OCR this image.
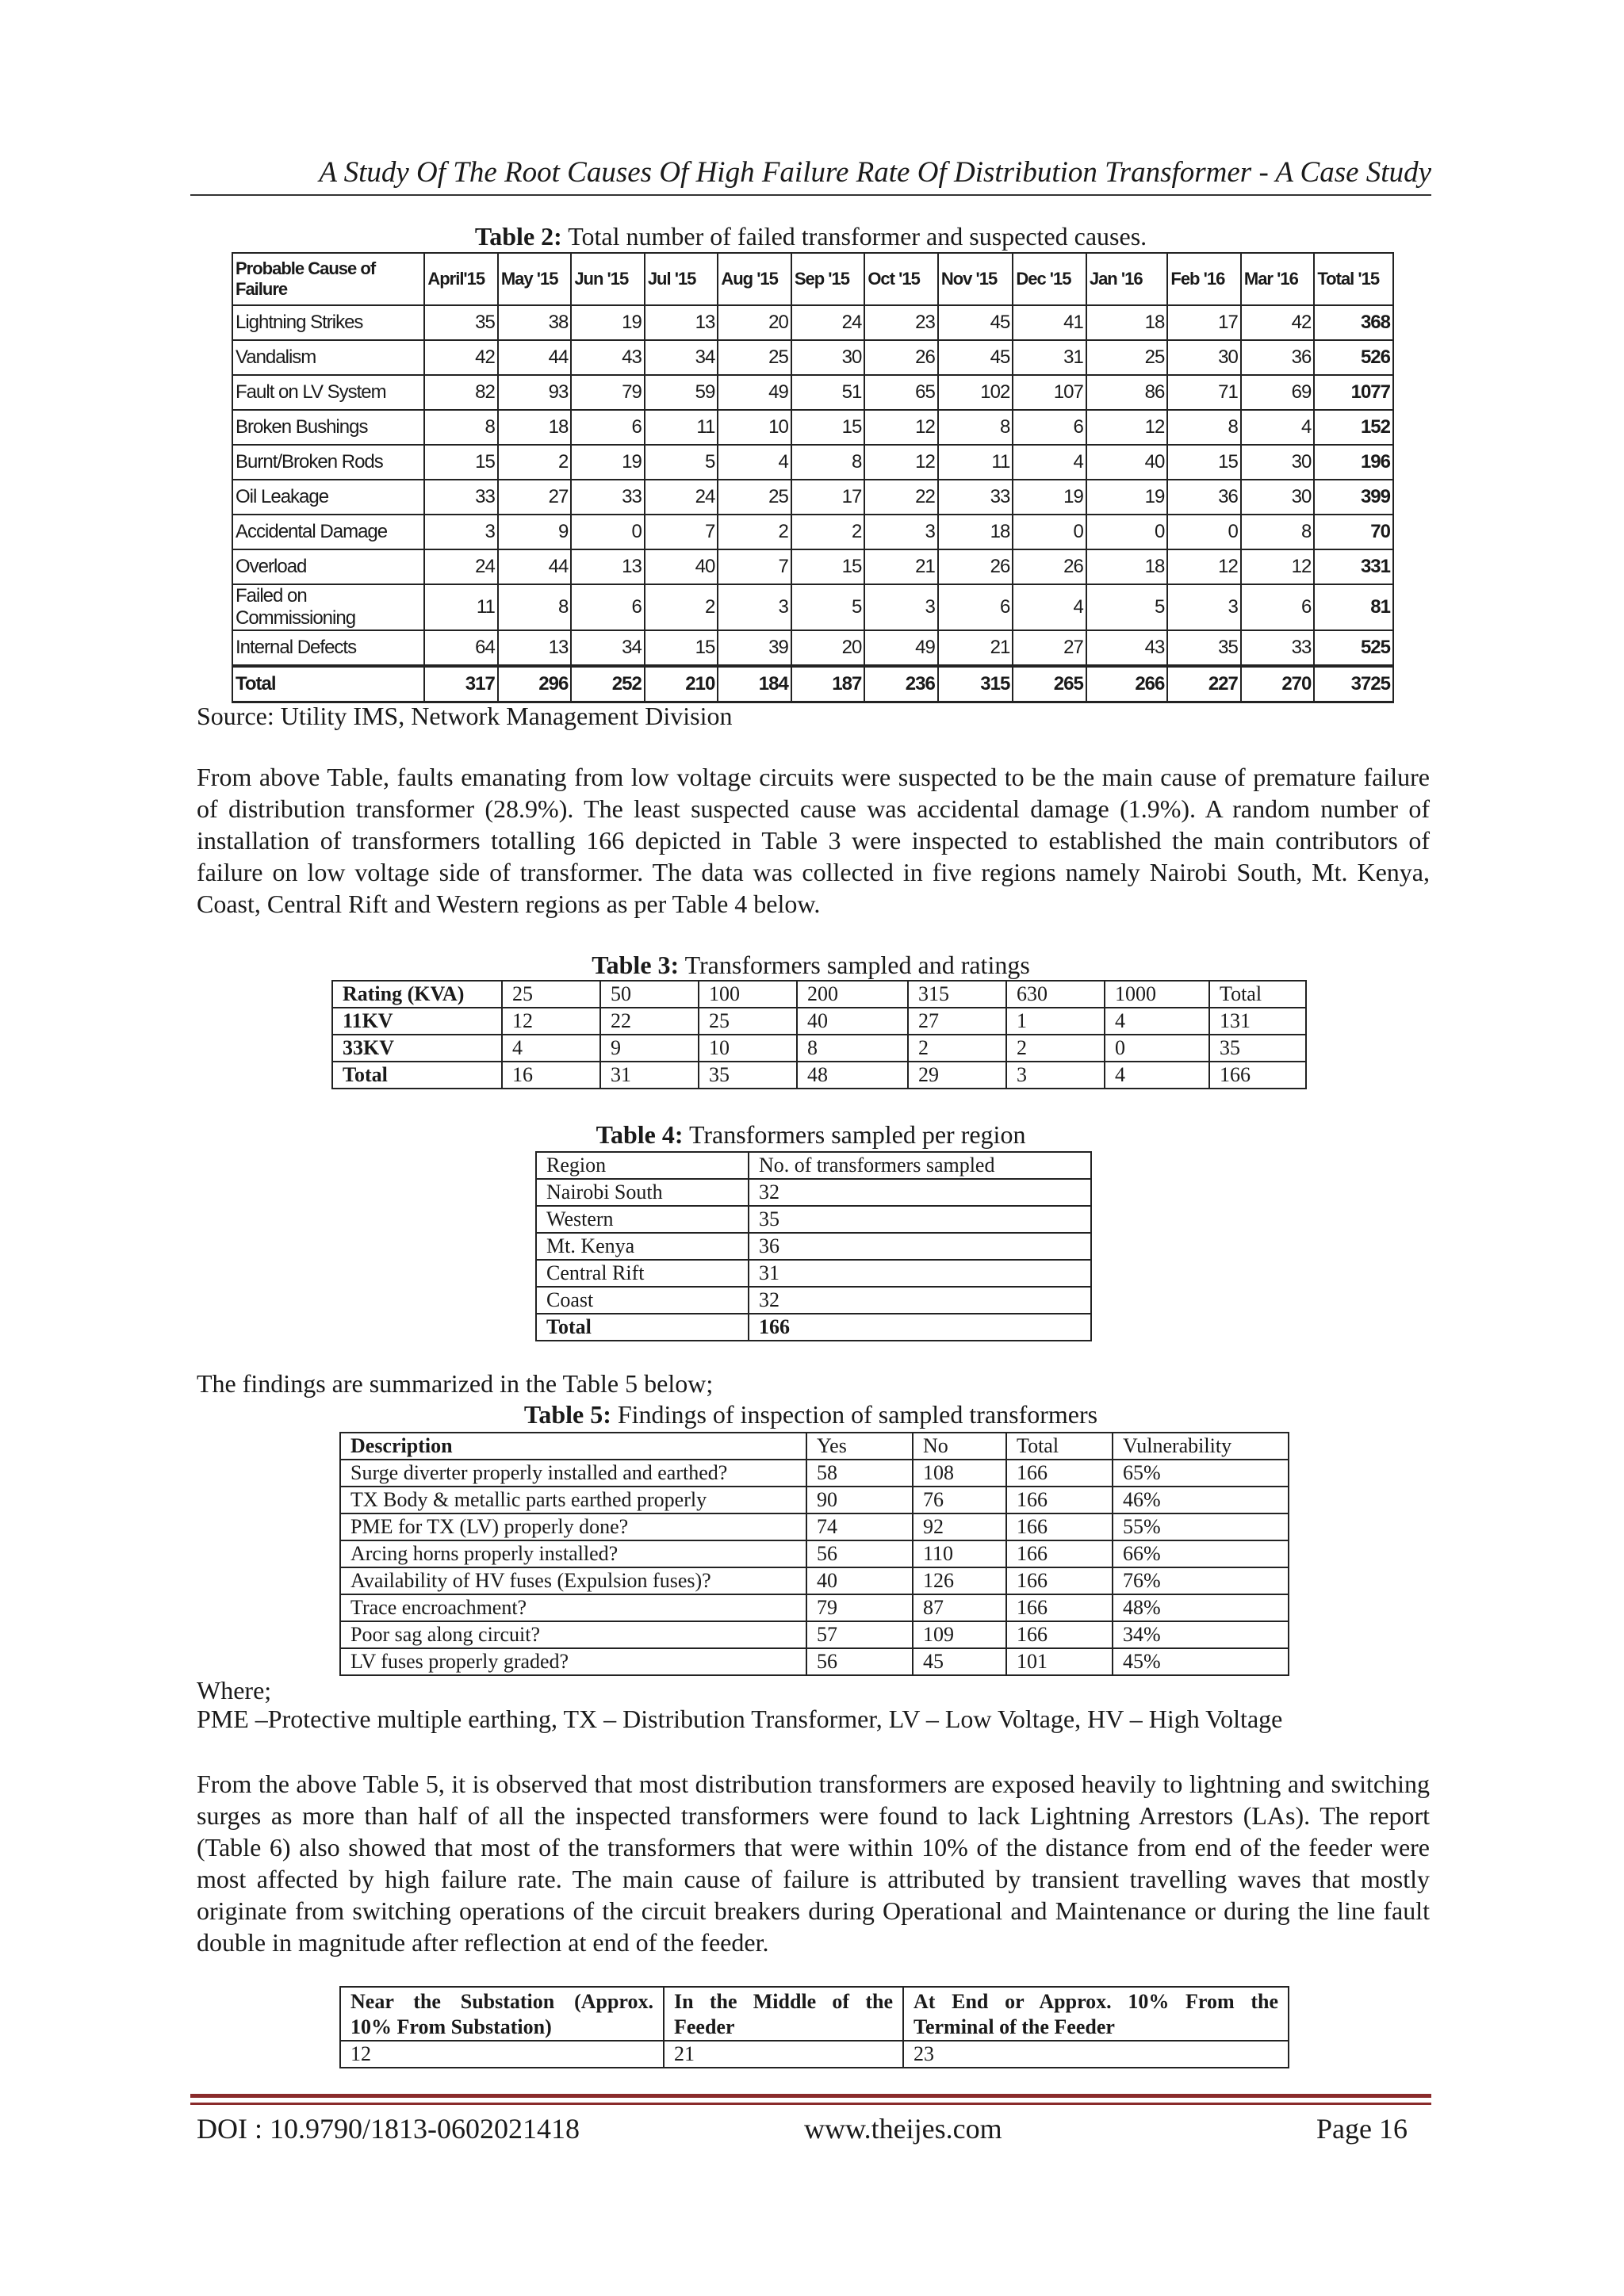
A Study Of The Root Causes Of High Failure Rate Of Distribution Transformer - A Case Study
Table 2: Total number of failed transformer and suspected causes.
Probable Cause of Failure	April'15	May '15	Jun '15	Jul '15	Aug '15	Sep '15	Oct '15	Nov '15	Dec '15	Jan '16	Feb '16	Mar '16	Total '15
Lightning Strikes	35	38	19	13	20	24	23	45	41	18	17	42	368
Vandalism	42	44	43	34	25	30	26	45	31	25	30	36	526
Fault on LV System	82	93	79	59	49	51	65	102	107	86	71	69	1077
Broken Bushings	8	18	6	11	10	15	12	8	6	12	8	4	152
Burnt/Broken Rods	15	2	19	5	4	8	12	11	4	40	15	30	196
Oil Leakage	33	27	33	24	25	17	22	33	19	19	36	30	399
Accidental Damage	3	9	0	7	2	2	3	18	0	0	0	8	70
Overload	24	44	13	40	7	15	21	26	26	18	12	12	331
Failed on Commissioning	11	8	6	2	3	5	3	6	4	5	3	6	81
Internal Defects	64	13	34	15	39	20	49	21	27	43	35	33	525
Total	317	296	252	210	184	187	236	315	265	266	227	270	3725
Source: Utility IMS, Network Management Division
From above Table, faults emanating from low voltage circuits were suspected to be the main cause of premature failure of distribution transformer (28.9%). The least suspected cause was accidental damage (1.9%). A random number of installation of transformers totalling 166 depicted in Table 3 were inspected to established the main contributors of failure on low voltage side of transformer. The data was collected in five regions namely Nairobi South, Mt. Kenya, Coast, Central Rift and Western regions as per Table 4 below.
Table 3: Transformers sampled and ratings
Rating (KVA)	25	50	100	200	315	630	1000	Total
11KV	12	22	25	40	27	1	4	131
33KV	4	9	10	8	2	2	0	35
Total	16	31	35	48	29	3	4	166
Table 4: Transformers sampled per region
Region	No. of transformers sampled
Nairobi South	32
Western	35
Mt. Kenya	36
Central Rift	31
Coast	32
Total	166
The findings are summarized in the Table 5 below;
Table 5: Findings of inspection of sampled transformers
Description	Yes	No	Total	Vulnerability
Surge diverter properly installed and earthed?	58	108	166	65%
TX Body & metallic parts earthed properly	90	76	166	46%
PME for TX (LV) properly done?	74	92	166	55%
Arcing horns properly installed?	56	110	166	66%
Availability of HV fuses (Expulsion fuses)?	40	126	166	76%
Trace encroachment?	79	87	166	48%
Poor sag along circuit?	57	109	166	34%
LV fuses properly graded?	56	45	101	45%
Where;
PME –Protective multiple earthing, TX – Distribution Transformer, LV – Low Voltage, HV – High Voltage
From the above Table 5, it is observed that most distribution transformers are exposed heavily to lightning and switching surges as more than half of all the inspected transformers were found to lack Lightning Arrestors (LAs). The report (Table 6) also showed that most of the transformers that were within 10% of the distance from end of the feeder were most affected by high failure rate. The main cause of failure is attributed by transient travelling waves that mostly originate from switching operations of the circuit breakers during Operational and Maintenance or during the line fault double in magnitude after reflection at end of the feeder.
Near the Substation (Approx. 10% From Substation)	In the Middle of the Feeder	At End or Approx. 10% From the Terminal of the Feeder
12	21	23
DOI : 10.9790/1813-0602021418	www.theijes.com	Page 16
